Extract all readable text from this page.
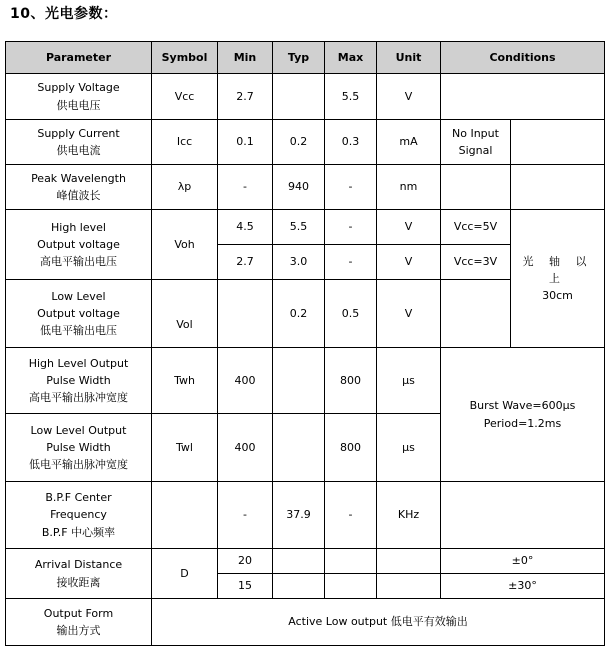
10、光电参数：
Parameter	Symbol	Min	Typ	Max	Unit	Conditions	

Supply Voltage
供电电压	Vcc	2.7		5.5	V		

Supply Current
供电电流	Icc	0.1	0.2	0.3	mA	No Input Signal	

Peak Wavelength
峰值波长	λp	-	940	-	nm		

High level
Output voltage
高电平输出电压	Voh	4.5	5.5	-	V	Vcc=5V	光 轴 以 上
30cm

		2.7	3.0	-	V	Vcc=3V	

Low Level
Output voltage
低电平输出电压	Vol		0.2	0.5	V		

High Level Output
Pulse Width
高电平输出脉冲宽度	Twh	400		800	μs	Burst Wave=600μs
Period=1.2ms	

Low Level Output
Pulse Width
低电平输出脉冲宽度	Twl	400		800	μs		

B.P.F Center
Frequency
B.P.F 中心频率		-	37.9	-	KHz		

Arrival Distance
接收距离	D	20				±0°	
		15				±30°	

Output Form
输出方式	Active Low output 低电平有效输出						
